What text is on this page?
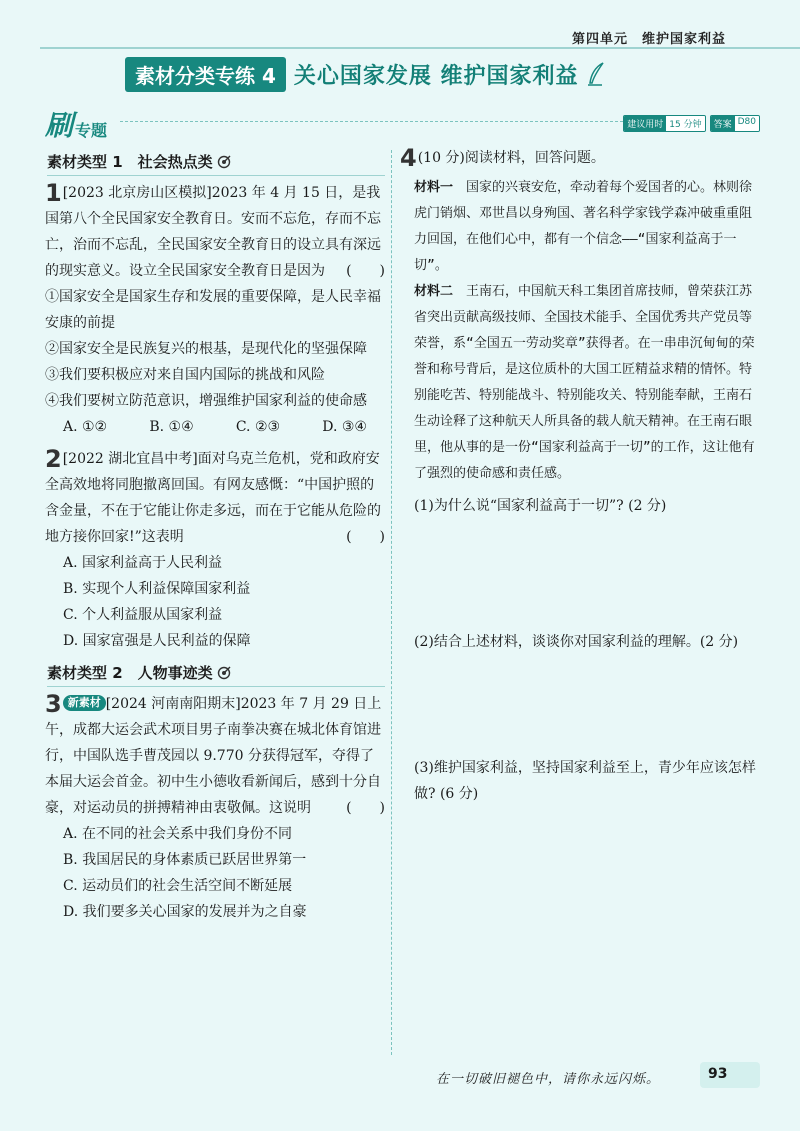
第四单元　维护国家利益
素材分类专练 4 关心国家发展 维护国家利益
刷 专题	建议用时 15 分钟	答案 D80
素材类型 1　社会热点类
1 [2023 北京房山区模拟]2023 年 4 月 15 日，是我国第八个全民国家安全教育日。安而不忘危，存而不忘亡，治而不忘乱，全民国家安全教育日的设立具有深远的现实意义。设立全民国家安全教育日是因为 (　　)

①国家安全是国家生存和发展的重要保障，是人民幸福安康的前提

②国家安全是民族复兴的根基，是现代化的坚强保障

③我们要积极应对来自国内国际的挑战和风险

④我们要树立防范意识，增强维护国家利益的使命感

A. ①②	B. ①④	C. ②③	D. ③④
2 [2022 湖北宜昌中考]面对乌克兰危机，党和政府安全高效地将同胞撤离回国。有网友感慨：“中国护照的含金量，不在于它能让你走多远，而在于它能从危险的地方接你回家!”这表明	(　　)

A. 国家利益高于人民利益
B. 实现个人利益保障国家利益
C. 个人利益服从国家利益
D. 国家富强是人民利益的保障
素材类型 2　人物事迹类
3 新素材 [2024 河南南阳期末]2023 年 7 月 29 日上午，成都大运会武术项目男子南拳决赛在城北体育馆进行，中国队选手曹茂园以 9.770 分获得冠军，夺得了本届大运会首金。初中生小德收看新闻后，感到十分自豪，对运动员的拼搏精神由衷敬佩。这说明	(　　)

A. 在不同的社会关系中我们身份不同
B. 我国居民的身体素质已跃居世界第一
C. 运动员们的社会生活空间不断延展
D. 我们要多关心国家的发展并为之自豪
4 (10 分)阅读材料，回答问题。

材料一　国家的兴衰安危，牵动着每个爱国者的心。林则徐虎门销烟、邓世昌以身殉国、著名科学家钱学森冲破重重阻力回国，在他们心中，都有一个信念——“国家利益高于一切”。

材料二　王南石，中国航天科工集团首席技师，曾荣获江苏省突出贡献高级技师、全国技术能手、全国优秀共产党员等荣誉，系“全国五一劳动奖章”获得者。在一串串沉甸甸的荣誉和称号背后，是这位质朴的大国工匠精益求精的情怀。特别能吃苦、特别能战斗、特别能攻关、特别能奉献，王南石生动诠释了这种航天人所具备的载人航天精神。在王南石眼里，他从事的是一份“国家利益高于一切”的工作，这让他有了强烈的使命感和责任感。

(1)为什么说“国家利益高于一切”? (2 分)

(2)结合上述材料，谈谈你对国家利益的理解。(2 分)

(3)维护国家利益，坚持国家利益至上，青少年应该怎样做? (6 分)

在一切破旧褪色中，请你永远闪烁。	93
